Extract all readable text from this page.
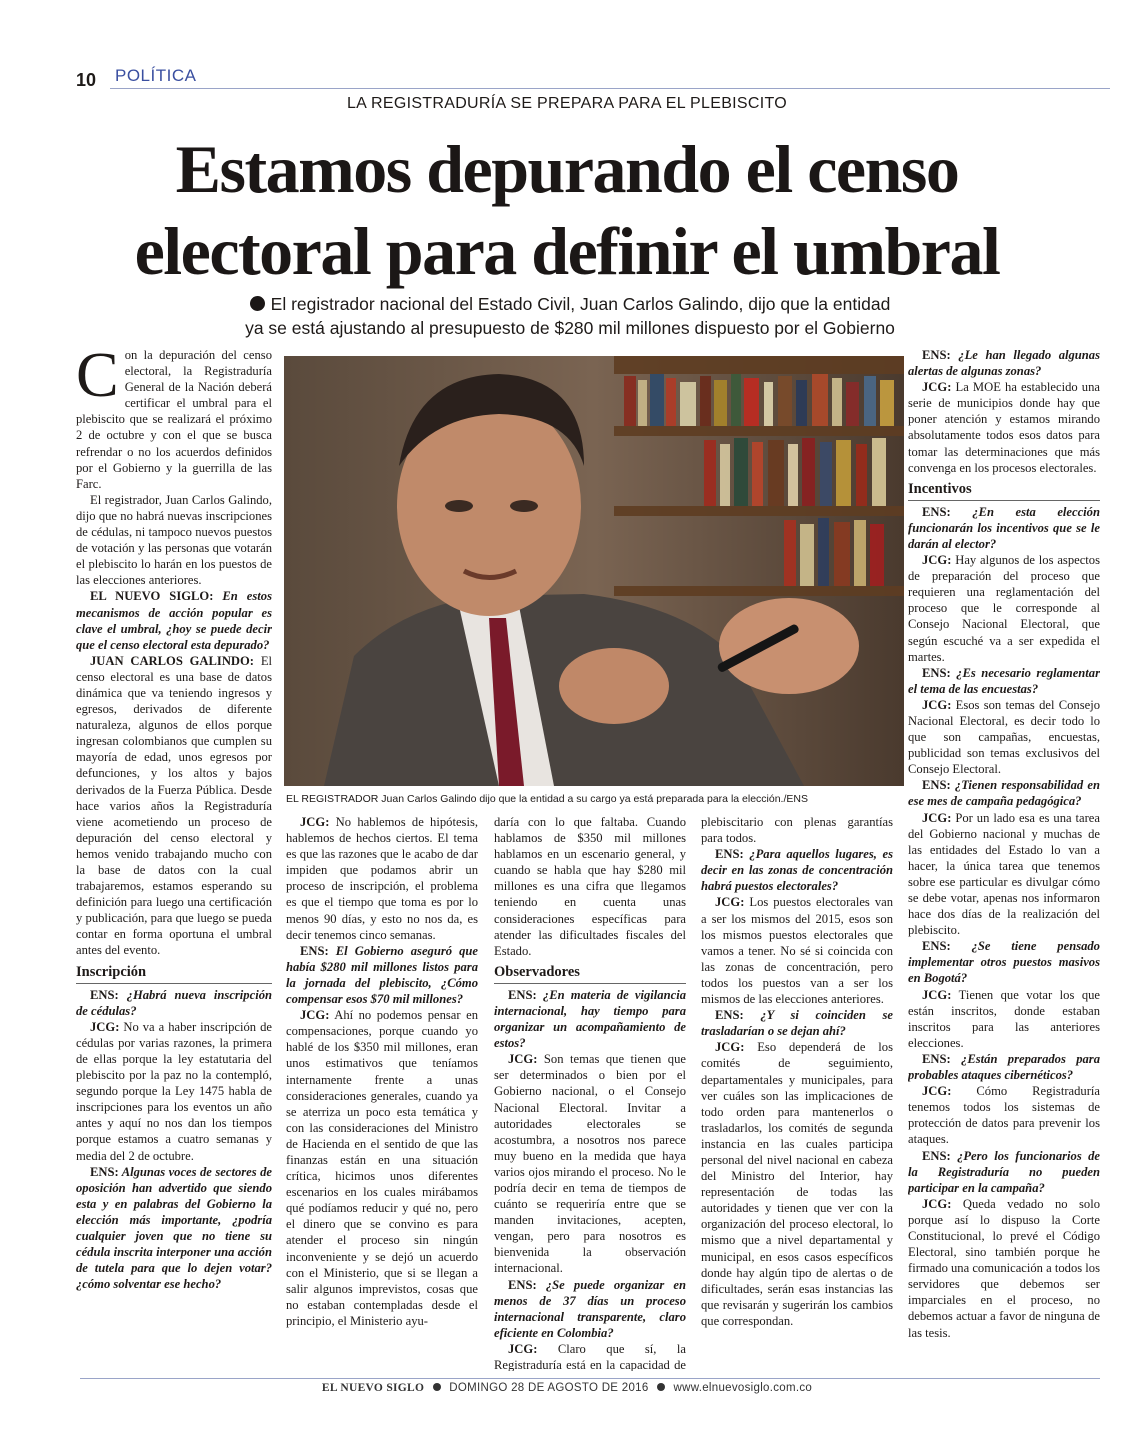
10 POLÍTICA
LA REGISTRADURÍA SE PREPARA PARA EL PLEBISCITO
Estamos depurando el censo
electoral para definir el umbral
El registrador nacional del Estado Civil, Juan Carlos Galindo, dijo que la entidad
ya se está ajustando al presupuesto de $280 mil millones dispuesto por el Gobierno

Con la depuración del censo electoral, la Registraduría General de la Nación deberá certificar el umbral para el plebiscito que se realizará el próximo 2 de octubre y con el que se busca refrendar o no los acuerdos definidos por el Gobierno y la guerrilla de las Farc.

El registrador, Juan Carlos Galindo, dijo que no habrá nuevas inscripciones de cédulas, ni tampoco nuevos puestos de votación y las personas que votarán el plebiscito lo harán en los puestos de las elecciones anteriores.

EL NUEVO SIGLO: En estos mecanismos de acción popular es clave el umbral, ¿hoy se puede decir que el censo electoral esta depurado?

JUAN CARLOS GALINDO: El censo electoral es una base de datos dinámica que va teniendo ingresos y egresos, derivados de diferente naturaleza, algunos de ellos porque ingresan colombianos que cumplen su mayoría de edad, unos egresos por defunciones, y los altos y bajos derivados de la Fuerza Pública. Desde hace varios años la Registraduría viene acometiendo un proceso de depuración del censo electoral y hemos venido trabajando mucho con la base de datos con la cual trabajaremos, estamos esperando su definición para luego una certificación y publicación, para que luego se pueda contar en forma oportuna el umbral antes del evento.

Inscripción

ENS: ¿Habrá nueva inscripción de cédulas?

JCG: No va a haber inscripción de cédulas por varias razones, la primera de ellas porque la ley estatutaria del plebiscito por la paz no la contempló, segundo porque la Ley 1475 habla de inscripciones para los eventos un año antes y aquí no nos dan los tiempos porque estamos a cuatro semanas y media del 2 de octubre.

ENS: Algunas voces de sectores de oposición han advertido que siendo esta y en palabras del Gobierno la elección más importante, ¿podría cualquier joven que no tiene su cédula inscrita interponer una acción de tutela para que lo dejen votar? ¿cómo solventar ese hecho?

EL REGISTRADOR Juan Carlos Galindo dijo que la entidad a su cargo ya está preparada para la elección./ENS

JCG: No hablemos de hipótesis, hablemos de hechos ciertos. El tema es que las razones que le acabo de dar impiden que podamos abrir un proceso de inscripción, el problema es que el tiempo que toma es por lo menos 90 días, y esto no nos da, es decir tenemos cinco semanas.

ENS: El Gobierno aseguró que había $280 mil millones listos para la jornada del plebiscito, ¿Cómo compensar esos $70 mil millones?

JCG: Ahí no podemos pensar en compensaciones, porque cuando yo hablé de los $350 mil millones, eran unos estimativos que teníamos internamente frente a unas consideraciones generales, cuando ya se aterriza un poco esta temática y con las consideraciones del Ministro de Hacienda en el sentido de que las finanzas están en una situación crítica, hicimos unos diferentes escenarios en los cuales mirábamos qué podíamos reducir y qué no, pero el dinero que se convino es para atender el proceso sin ningún inconveniente y se dejó un acuerdo con el Ministerio, que si se llegan a salir algunos imprevistos, cosas que no estaban contempladas desde el principio, el Ministerio ayu-

daría con lo que faltaba. Cuando hablamos de $350 mil millones hablamos en un escenario general, y cuando se habla que hay $280 mil millones es una cifra que llegamos teniendo en cuenta unas consideraciones específicas para atender las dificultades fiscales del Estado.

Observadores

ENS: ¿En materia de vigilancia internacional, hay tiempo para organizar un acompañamiento de estos?

JCG: Son temas que tienen que ser determinados o bien por el Gobierno nacional, o el Consejo Nacional Electoral. Invitar a autoridades electorales se acostumbra, a nosotros nos parece muy bueno en la medida que haya varios ojos mirando el proceso. No le podría decir en tema de tiempos de cuánto se requeriría entre que se manden invitaciones, acepten, vengan, pero para nosotros es bienvenida la observación internacional.

ENS: ¿Se puede organizar en menos de 37 días un proceso internacional transparente, claro eficiente en Colombia?

JCG: Claro que sí, la Registraduría está en la capacidad de

plebiscitario con plenas garantías para todos.

ENS: ¿Para aquellos lugares, es decir en las zonas de concentración habrá puestos electorales?

JCG: Los puestos electorales van a ser los mismos del 2015, esos son los mismos puestos electorales que vamos a tener. No sé si coincida con las zonas de concentración, pero todos los puestos van a ser los mismos de las elecciones anteriores.

ENS: ¿Y si coinciden se trasladarían o se dejan ahí?

JCG: Eso dependerá de los comités de seguimiento, departamentales y municipales, para ver cuáles son las implicaciones de todo orden para mantenerlos o trasladarlos, los comités de segunda instancia en las cuales participa personal del nivel nacional en cabeza del Ministro del Interior, hay representación de todas las autoridades y tienen que ver con la organización del proceso electoral, lo mismo que a nivel departamental y municipal, en esos casos específicos donde hay algún tipo de alertas o de dificultades, serán esas instancias las que revisarán y sugerirán los cambios que correspondan.

ENS: ¿Le han llegado algunas alertas de algunas zonas?

JCG: La MOE ha establecido una serie de municipios donde hay que poner atención y estamos mirando absolutamente todos esos datos para tomar las determinaciones que más convenga en los procesos electorales.

Incentivos

ENS: ¿En esta elección funcionarán los incentivos que se le darán al elector?

JCG: Hay algunos de los aspectos de preparación del proceso que requieren una reglamentación del proceso que le corresponde al Consejo Nacional Electoral, que según escuché va a ser expedida el martes.

ENS: ¿Es necesario reglamentar el tema de las encuestas?

JCG: Esos son temas del Consejo Nacional Electoral, es decir todo lo que son campañas, encuestas, publicidad son temas exclusivos del Consejo Electoral.

ENS: ¿Tienen responsabilidad en ese mes de campaña pedagógica?

JCG: Por un lado esa es una tarea del Gobierno nacional y muchas de las entidades del Estado lo van a hacer, la única tarea que tenemos sobre ese particular es divulgar cómo se debe votar, apenas nos informaron hace dos días de la realización del plebiscito.

ENS: ¿Se tiene pensado implementar otros puestos masivos en Bogotá?

JCG: Tienen que votar los que están inscritos, donde estaban inscritos para las anteriores elecciones.

ENS: ¿Están preparados para probables ataques cibernéticos?

JCG: Cómo Registraduría tenemos todos los sistemas de protección de datos para prevenir los ataques.

ENS: ¿Pero los funcionarios de la Registraduría no pueden participar en la campaña?

JCG: Queda vedado no solo porque así lo dispuso la Corte Constitucional, lo prevé el Código Electoral, sino también porque he firmado una comunicación a todos los servidores que debemos ser imparciales en el proceso, no debemos actuar a favor de ninguna de las tesis.

EL NUEVO SIGLO DOMINGO 28 DE AGOSTO DE 2016 www.elnuevosiglo.com.co
